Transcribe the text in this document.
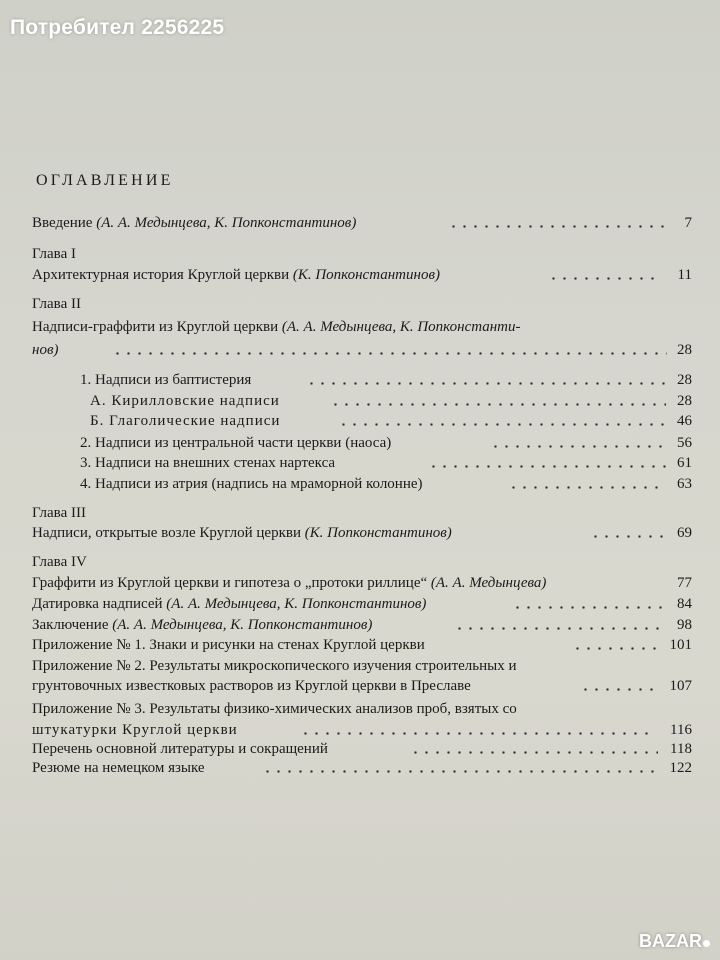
Потребител 2256225
ОГЛАВЛЕНИЕ
Введение (А. А. Медынцева, К. Попконстантинов)	7
Глава I
Архитектурная история Круглой церкви (К. Попконстантинов)	11
Глава II
Надписи-граффити из Круглой церкви (А. А. Медынцева, К. Попконстанти-
нов)	28
1. Надписи из баптистерия	28
А. Кирилловские надписи	28
Б. Глаголические надписи	46
2. Надписи из центральной части церкви (наоса)	56
3. Надписи на внешних стенах нартекса	61
4. Надписи из атрия (надпись на мраморной колонне)	63
Глава III
Надписи, открытые возле Круглой церкви (К. Попконстантинов)	69
Глава IV
Граффити из Круглой церкви и гипотеза о „протоки риллице“ (А. А. Медынцева)	77
Датировка надписей (А. А. Медынцева, К. Попконстантинов)	84
Заключение (А. А. Медынцева, К. Попконстантинов)	98
Приложение № 1. Знаки и рисунки на стенах Круглой церкви	101
Приложение № 2. Результаты микроскопического изучения строительных и
грунтовочных известковых растворов из Круглой церкви в Преславе	107
Приложение № 3. Результаты физико-химических анализов проб, взятых со
штукатурки Круглой церкви	116
Перечень основной литературы и сокращений	118
Резюме на немецком языке	122
BAZAR
